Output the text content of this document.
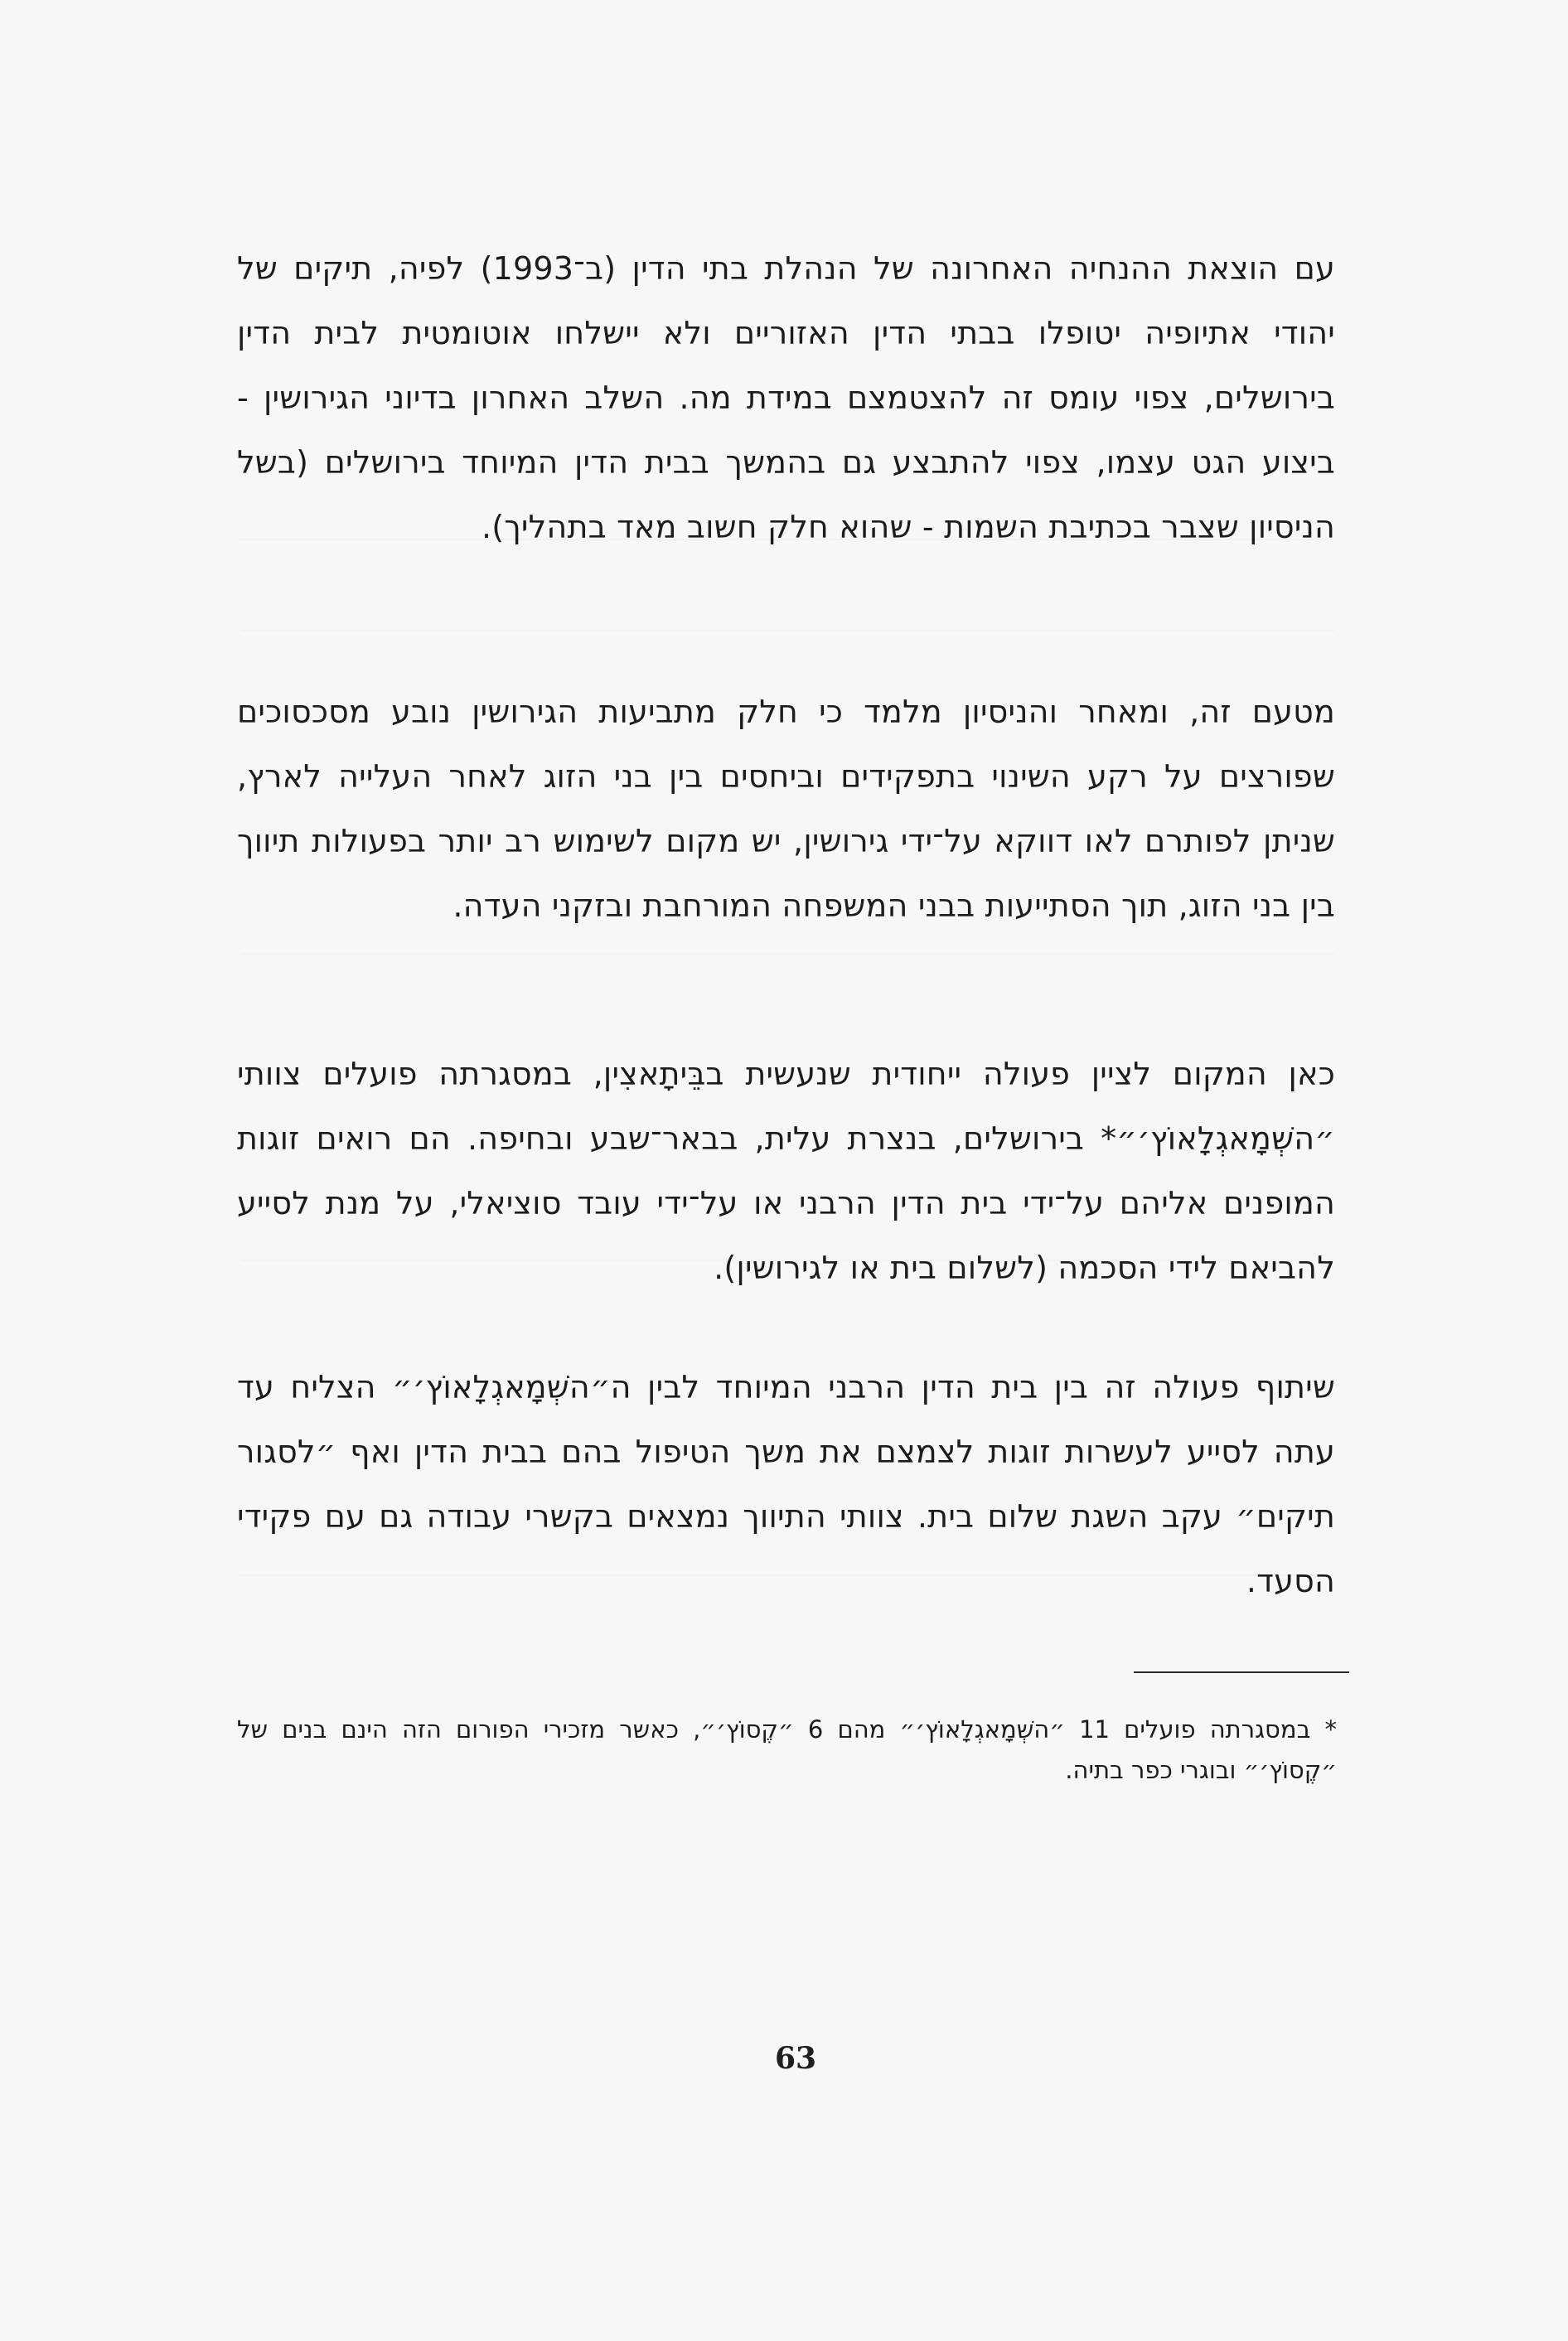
עם הוצאת ההנחיה האחרונה של הנהלת בתי הדין (ב־1993) לפיה, תיקים של יהודי אתיופיה יטופלו בבתי הדין האזוריים ולא יישלחו אוטומטית לבית הדין בירושלים, צפוי עומס זה להצטמצם במידת מה. השלב האחרון בדיוני הגירושין - ביצוע הגט עצמו, צפוי להתבצע גם בהמשך בבית הדין המיוחד בירושלים (בשל הניסיון שצבר בכתיבת השמות - שהוא חלק חשוב מאד בתהליך).

מטעם זה, ומאחר והניסיון מלמד כי חלק מתביעות הגירושין נובע מסכסוכים שפורצים על רקע השינוי בתפקידים וביחסים בין בני הזוג לאחר העלייה לארץ, שניתן לפותרם לאו דווקא על־ידי גירושין, יש מקום לשימוש רב יותר בפעולות תיווך בין בני הזוג, תוך הסתייעות בבני המשפחה המורחבת ובזקני העדה.

כאן המקום לציין פעולה ייחודית שנעשית בבֵּיתָאצִין, במסגרתה פועלים צוותי ״השְׁמָאגְלָאוֹץ׳״* בירושלים, בנצרת עלית, בבאר־שבע ובחיפה. הם רואים זוגות המופנים אליהם על־ידי בית הדין הרבני או על־ידי עובד סוציאלי, על מנת לסייע להביאם לידי הסכמה (לשלום בית או לגירושין).

שיתוף פעולה זה בין בית הדין הרבני המיוחד לבין ה״השְׁמָאגְלָאוֹץ׳״ הצליח עד עתה לסייע לעשרות זוגות לצמצם את משך הטיפול בהם בבית הדין ואף ״לסגור תיקים״ עקב השגת שלום בית. צוותי התיווך נמצאים בקשרי עבודה גם עם פקידי הסעד.

* במסגרתה פועלים 11 ״השְׁמָאגְלָאוֹץ׳״ מהם 6 ״קֶסוֹץ׳״, כאשר מזכירי הפורום הזה הינם בנים של ״קֶסוֹץ׳״ ובוגרי כפר בתיה.

63
